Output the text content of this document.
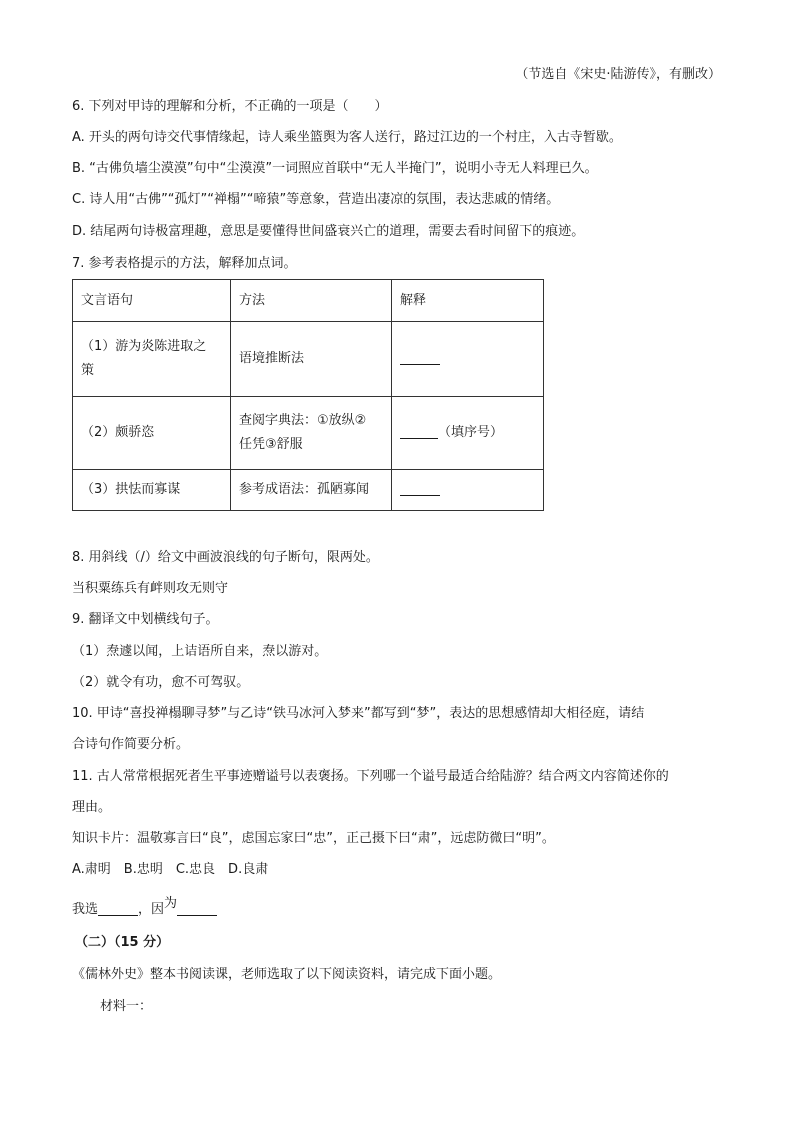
（节选自《宋史·陆游传》，有删改）
6. 下列对甲诗的理解和分析，不正确的一项是（　　）
A. 开头的两句诗交代事情缘起，诗人乘坐篮舆为客人送行，路过江边的一个村庄，入古寺暂歇。
B. “古佛负墙尘漠漠”句中“尘漠漠”一词照应首联中“无人半掩门”，说明小寺无人料理已久。
C. 诗人用“古佛”“孤灯”“禅榻”“啼猿”等意象，营造出凄凉的氛围，表达悲戚的情绪。
D. 结尾两句诗极富理趣，意思是要懂得世间盛衰兴亡的道理，需要去看时间留下的痕迹。
7. 参考表格提示的方法，解释加点词。
文言语句	方法	解释

（1）游为炎陈进取之
策	语境推断法	
（2）颇骄恣	查阅字典法：①放纵②
任凭③舒服	（填序号）
（3）拱怯而寡谋	参考成语法：孤陋寡闻	
8. 用斜线（/）给文中画波浪线的句子断句，限两处。
当积粟练兵有衅则攻无则守
9. 翻译文中划横线句子。
（1）焘遽以闻，上诘语所自来，焘以游对。
（2）就令有功，愈不可驾驭。
10. 甲诗“喜投禅榻聊寻梦”与乙诗“铁马冰河入梦来”都写到“梦”，表达的思想感情却大相径庭，请结
合诗句作简要分析。
11. 古人常常根据死者生平事迹赠谥号以表褒扬。下列哪一个谥号最适合给陆游？结合两文内容简述你的
理由。
知识卡片：温敬寡言曰“良”，虑国忘家曰“忠”，正己摄下曰“肃”，远虑防微曰“明”。
A.肃明　B.忠明　C.忠良　D.良肃
我选	，因为
（二）（15 分）
《儒林外史》整本书阅读课，老师选取了以下阅读资料，请完成下面小题。
材料一：
